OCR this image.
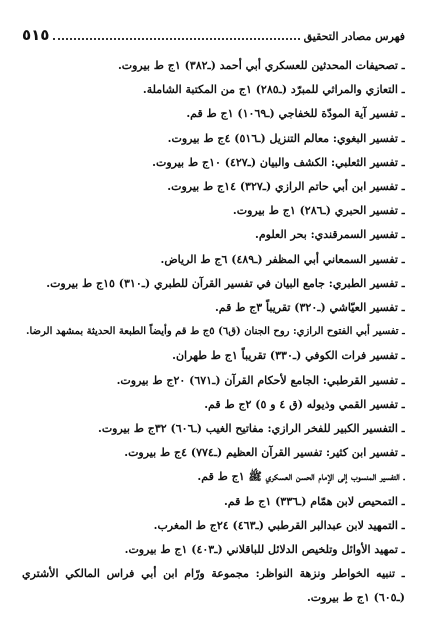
فهرس مصادر التحقيق
٥١٥
ـ تصحيفات المحدثين للعسكري أبي أحمد (ـ٣٨٢) ١ج ط بيروت.
ـ التعازي والمراثي للمبرّد (ـ٢٨٥) ١ج من المكتبة الشاملة.
ـ تفسير آية المودّة للخفاجي (ـ١٠٦٩) ١ج ط قم.
ـ تفسير البغوي: معالم التنزيل (ـ٥١٦) ٤ج ط بيروت.
ـ تفسير الثعلبي: الكشف والبيان (ـ٤٢٧) ١٠ج ط بيروت.
ـ تفسير ابن أبي حاتم الرازي (ـ٣٢٧) ١٤ج ط بيروت.
ـ تفسير الحبري (ـ٢٨٦) ١ج ط بيروت.
ـ تفسير السمرقندي: بحر العلوم.
ـ تفسير السمعاني أبي المظفر (ـ٤٨٩) ٦ج ط الرياض.
ـ تفسير الطبري: جامع البيان في تفسير القرآن للطبري (ـ٣١٠) ١٥ج ط بيروت.
ـ تفسير العيّاشي (ـ٣٢٠) تقريباً ٣ج ط قم.
ـ تفسير أبي الفتوح الرازي: روح الجنان (ق٦) ٥ج ط قم وأيضاً الطبعة الحديثة بمشهد الرضا.
ـ تفسير فرات الكوفي (ـ٣٣٠) تقريباً ١ج ط طهران.
ـ تفسير القرطبي: الجامع لأحكام القرآن (ـ٦٧١) ٢٠ج ط بيروت.
ـ تفسير القمي وذيوله (ق ٤ و ٥) ٢ج ط قم.
ـ التفسير الكبير للفخر الرازي: مفاتيح الغيب (ـ٦٠٦) ٣٢ج ط بيروت.
ـ تفسير ابن كثير: تفسير القرآن العظيم (ـ٧٧٤) ٤ج ط بيروت.
ـ التفسير المنسوب إلى الإمام الحسن العسكري ﷺ ١ج ط قم.
ـ التمحيص لابن همّام (ـ٣٣٦) ١ج ط قم.
ـ التمهيد لابن عبدالبر القرطبي (ـ٤٦٣) ٢٤ج ط المغرب.
ـ تمهيد الأوائل وتلخيص الدلائل للباقلاني (ـ٤٠٣) ١ج ط بيروت.
ـ تنبيه الخواطر ونزهة النواظر: مجموعة ورّام ابن أبي فراس المالكي الأشتري (ـ٦٠٥) ١ج ط بيروت.
